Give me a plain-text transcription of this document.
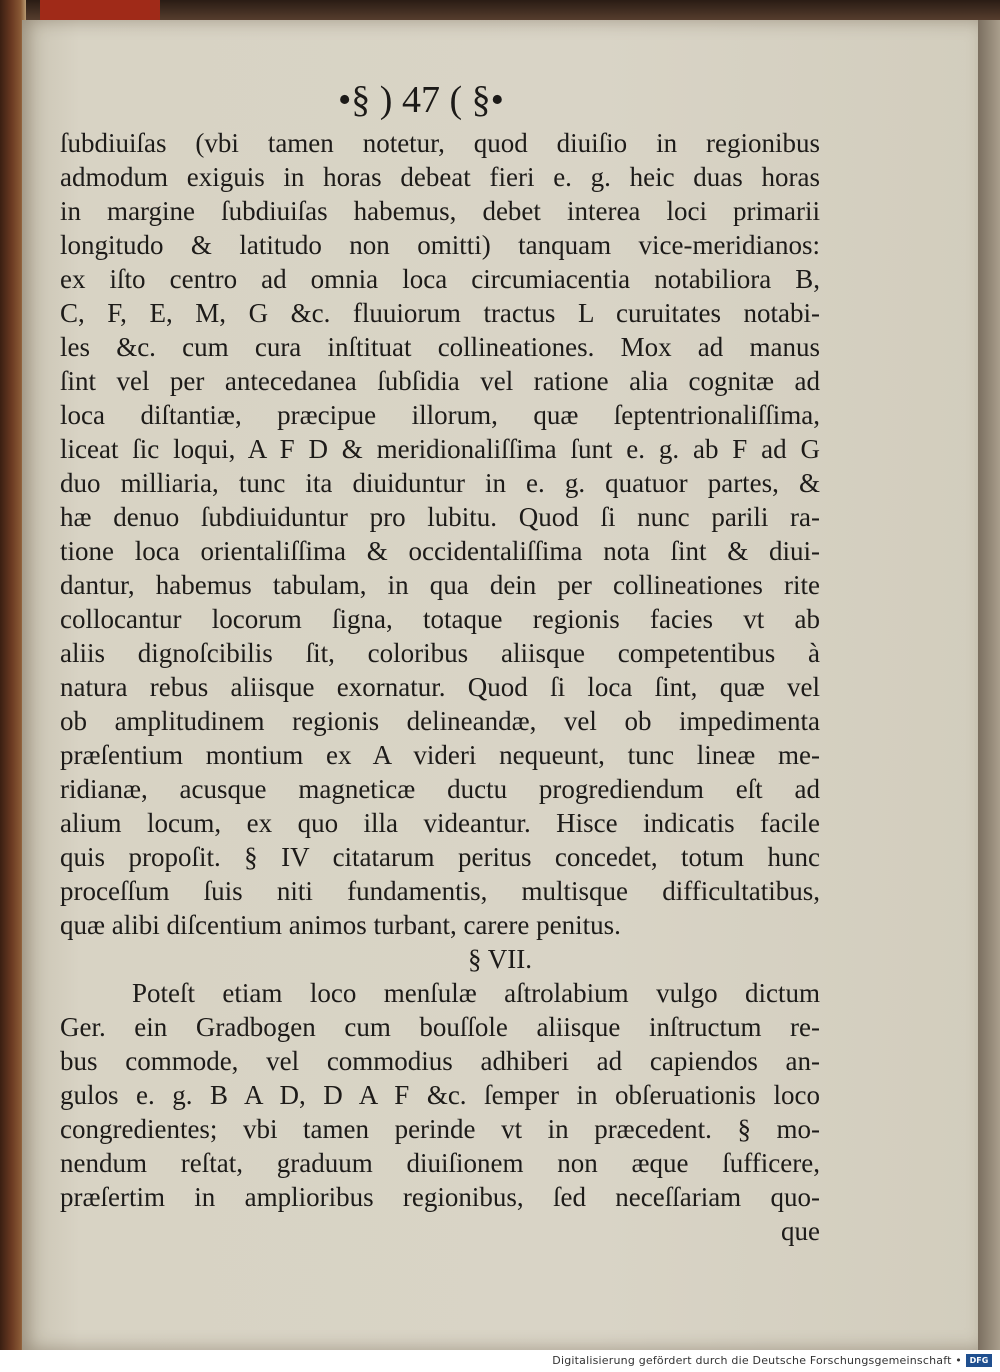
•§ ) 47 ( §•
ſubdiuiſas (vbi tamen notetur, quod diuiſio in regionibus
admodum exiguis in horas debeat fieri e. g. heic duas horas
in margine ſubdiuiſas habemus, debet interea loci primarii
longitudo & latitudo non omitti) tanquam vice-meridianos:
ex iſto centro ad omnia loca circumiacentia notabiliora B,
C, F, E, M, G &c. fluuiorum tractus L curuitates notabi-
les &c. cum cura inſtituat collineationes. Mox ad manus
ſint vel per antecedanea ſubſidia vel ratione alia cognitæ ad
loca diſtantiæ, præcipue illorum, quæ ſeptentrionaliſſima,
liceat ſic loqui, A F D & meridionaliſſima ſunt e. g. ab F ad G
duo milliaria, tunc ita diuiduntur in e. g. quatuor partes, &
hæ denuo ſubdiuiduntur pro lubitu. Quod ſi nunc parili ra-
tione loca orientaliſſima & occidentaliſſima nota ſint & diui-
dantur, habemus tabulam, in qua dein per collineationes rite
collocantur locorum ſigna, totaque regionis facies vt ab
aliis dignoſcibilis ſit, coloribus aliisque competentibus à
natura rebus aliisque exornatur. Quod ſi loca ſint, quæ vel
ob amplitudinem regionis delineandæ, vel ob impedimenta
præſentium montium ex A videri nequeunt, tunc lineæ me-
ridianæ, acusque magneticæ ductu progrediendum eſt ad
alium locum, ex quo illa videantur. Hisce indicatis facile
quis propoſit. § IV citatarum peritus concedet, totum hunc
proceſſum ſuis niti fundamentis, multisque difficultatibus,
quæ alibi diſcentium animos turbant, carere penitus.
§ VII.
Poteſt etiam loco menſulæ aſtrolabium vulgo dictum
Ger. ein Gradbogen cum bouſſole aliisque inſtructum re-
bus commode, vel commodius adhiberi ad capiendos an-
gulos e. g. B A D, D A F &c. ſemper in obſeruationis loco
congredientes; vbi tamen perinde vt in præcedent. § mo-
nendum reſtat, graduum diuiſionem non æque ſufficere,
præſertim in amplioribus regionibus, ſed neceſſariam quo-
que
Digitalisierung gefördert durch die Deutsche Forschungsgemeinschaft • DFG
